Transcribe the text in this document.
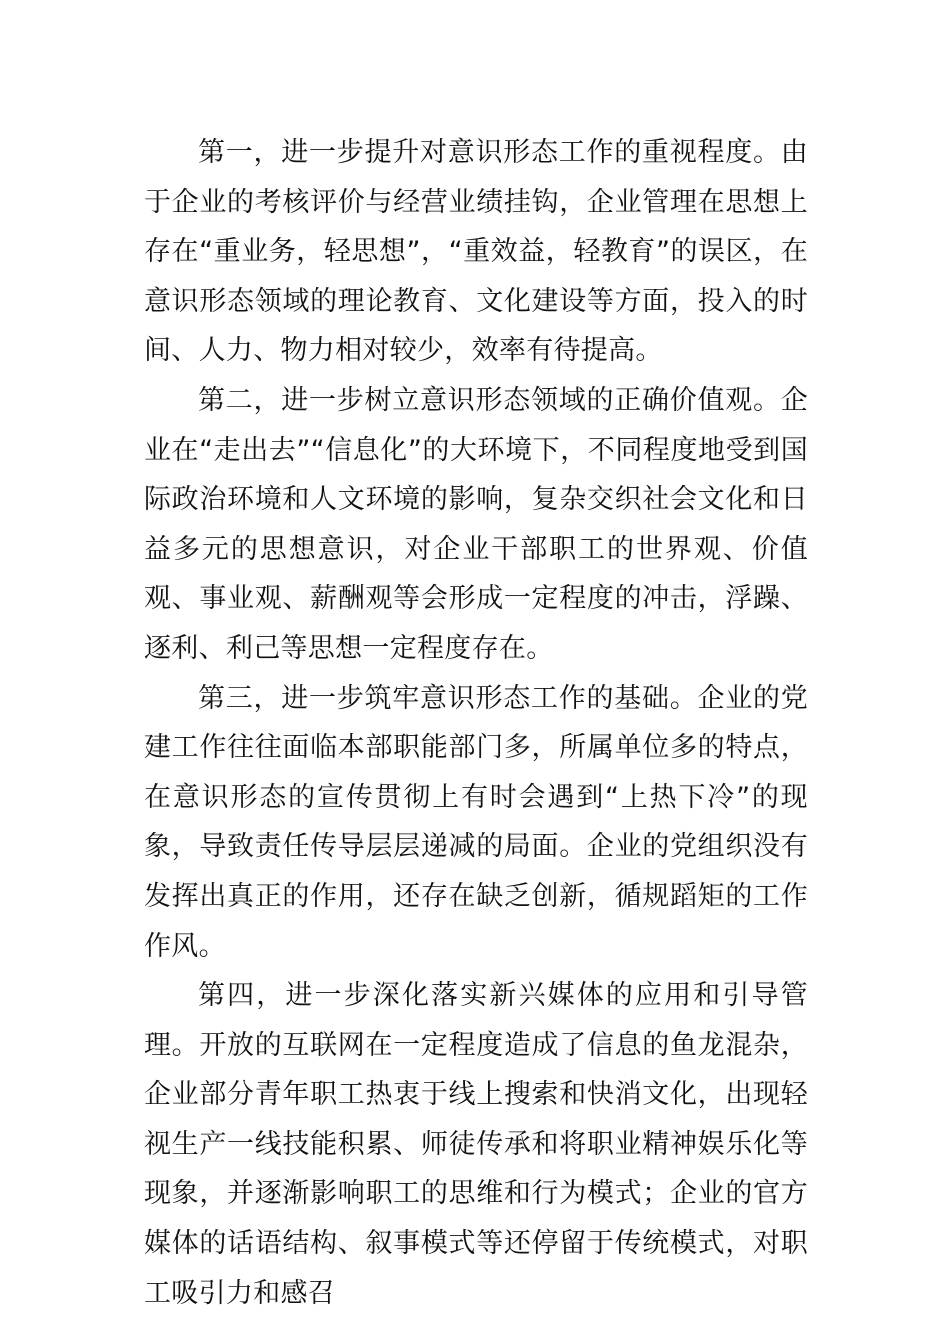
第一，进一步提升对意识形态工作的重视程度。由于企业的考核评价与经营业绩挂钩，企业管理在思想上存在“重业务，轻思想”，“重效益，轻教育”的误区，在意识形态领域的理论教育、文化建设等方面，投入的时间、人力、物力相对较少，效率有待提高。

第二，进一步树立意识形态领域的正确价值观。企业在“走出去”“信息化”的大环境下，不同程度地受到国际政治环境和人文环境的影响，复杂交织社会文化和日益多元的思想意识，对企业干部职工的世界观、价值观、事业观、薪酬观等会形成一定程度的冲击，浮躁、逐利、利己等思想一定程度存在。

第三，进一步筑牢意识形态工作的基础。企业的党建工作往往面临本部职能部门多，所属单位多的特点，在意识形态的宣传贯彻上有时会遇到“上热下冷”的现象，导致责任传导层层递减的局面。企业的党组织没有发挥出真正的作用，还存在缺乏创新，循规蹈矩的工作作风。

第四，进一步深化落实新兴媒体的应用和引导管理。开放的互联网在一定程度造成了信息的鱼龙混杂，企业部分青年职工热衷于线上搜索和快消文化，出现轻视生产一线技能积累、师徒传承和将职业精神娱乐化等现象，并逐渐影响职工的思维和行为模式；企业的官方媒体的话语结构、叙事模式等还停留于传统模式，对职工吸引力和感召
